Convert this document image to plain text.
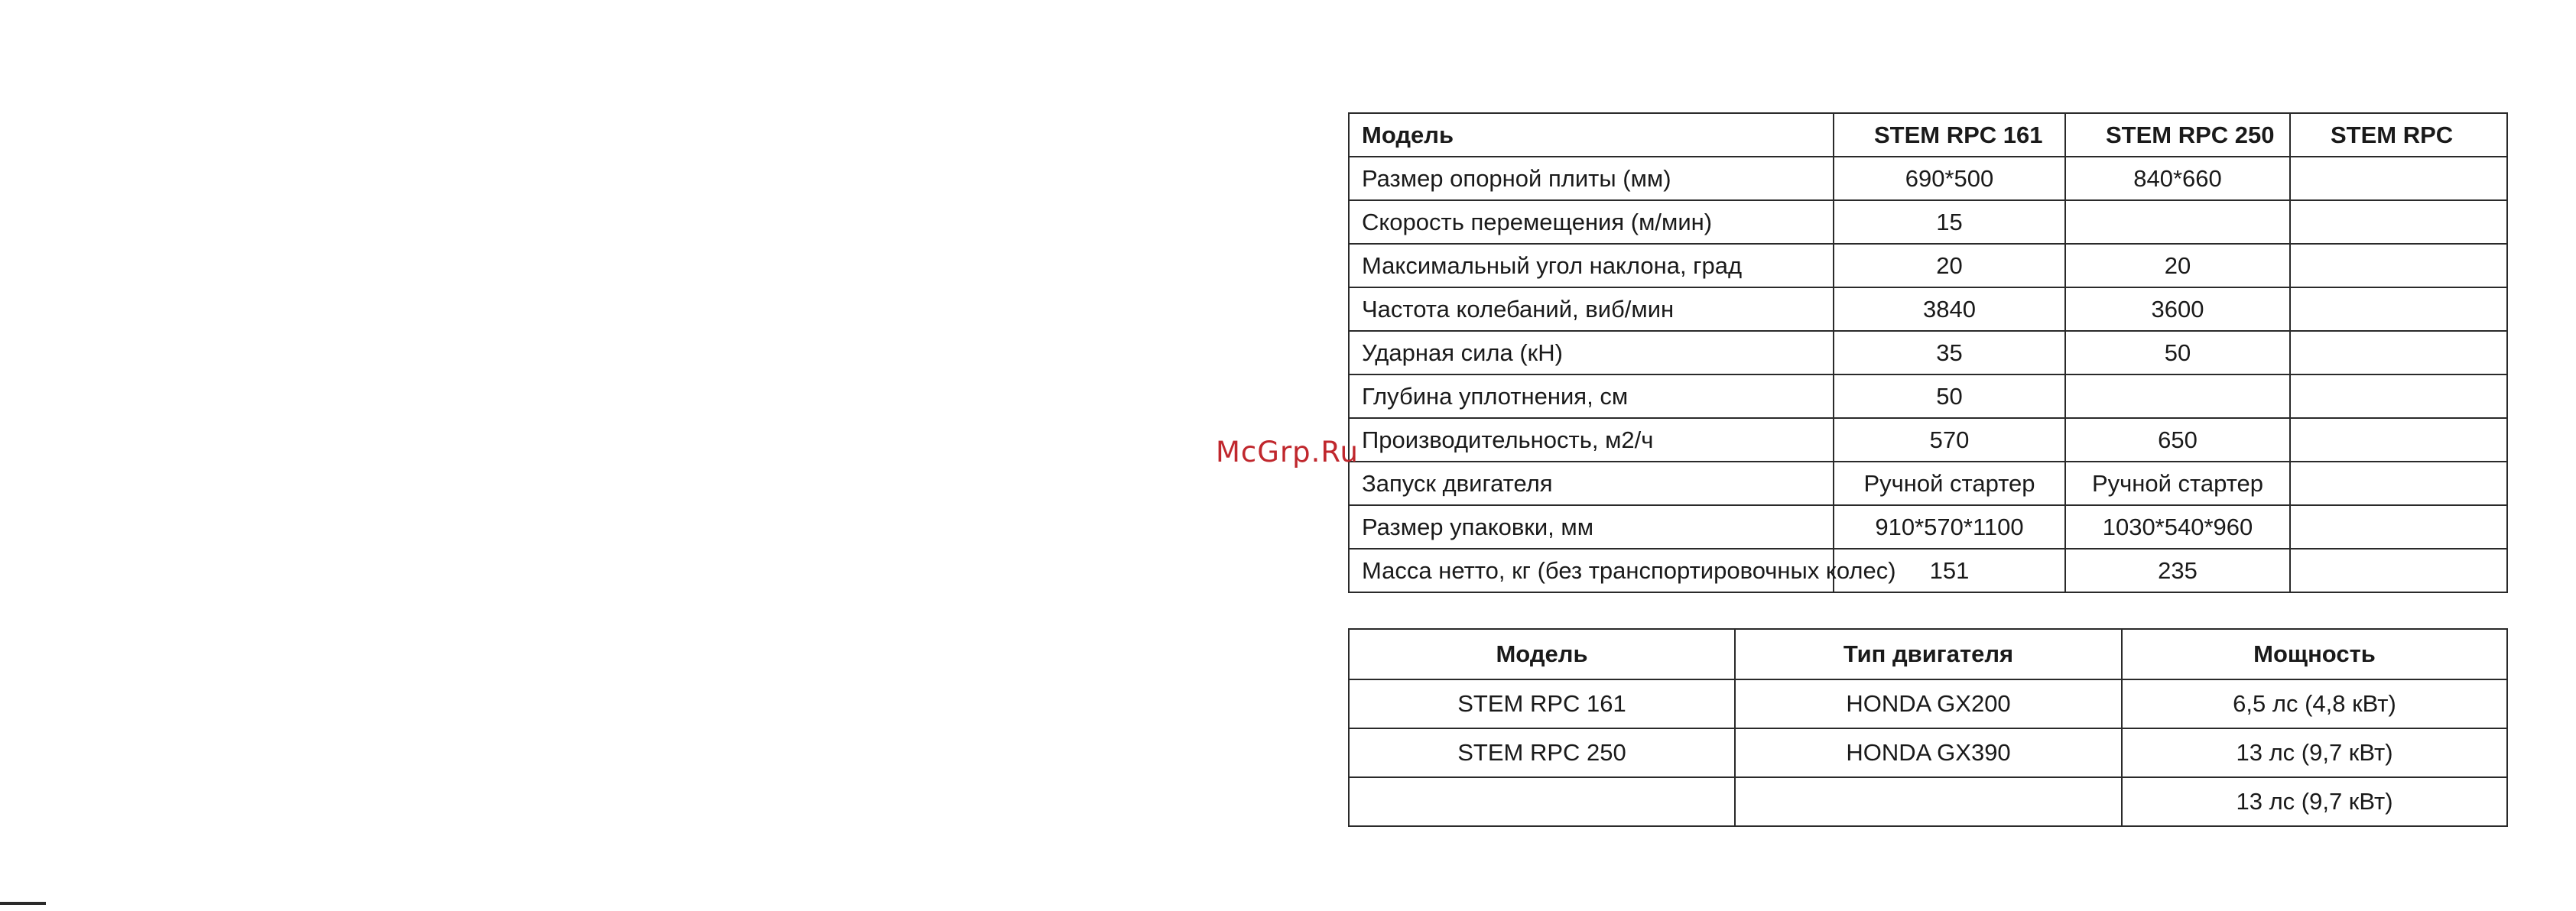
McGrp.Ru
Модель	STEM RPC 161	STEM RPC 250	STEM RPC
Размер опорной плиты (мм)	690*500	840*660	
Скорость перемещения (м/мин)	15		
Максимальный угол наклона, град	20	20	
Частота колебаний, виб/мин	3840	3600	
Ударная сила (кН)	35	50	
Глубина уплотнения, см	50		
Производительность, м2/ч	570	650	
Запуск двигателя	Ручной стартер	Ручной стартер	
Размер упаковки, мм	910*570*1100	1030*540*960	
Масса нетто, кг (без транспортировочных колес)	151	235	
Модель	Тип двигателя	Мощность
STEM RPC 161	HONDA GX200	6,5 лс (4,8 кВт)
STEM RPC 250	HONDA GX390	13 лс (9,7 кВт)
		13 лс (9,7 кВт)
